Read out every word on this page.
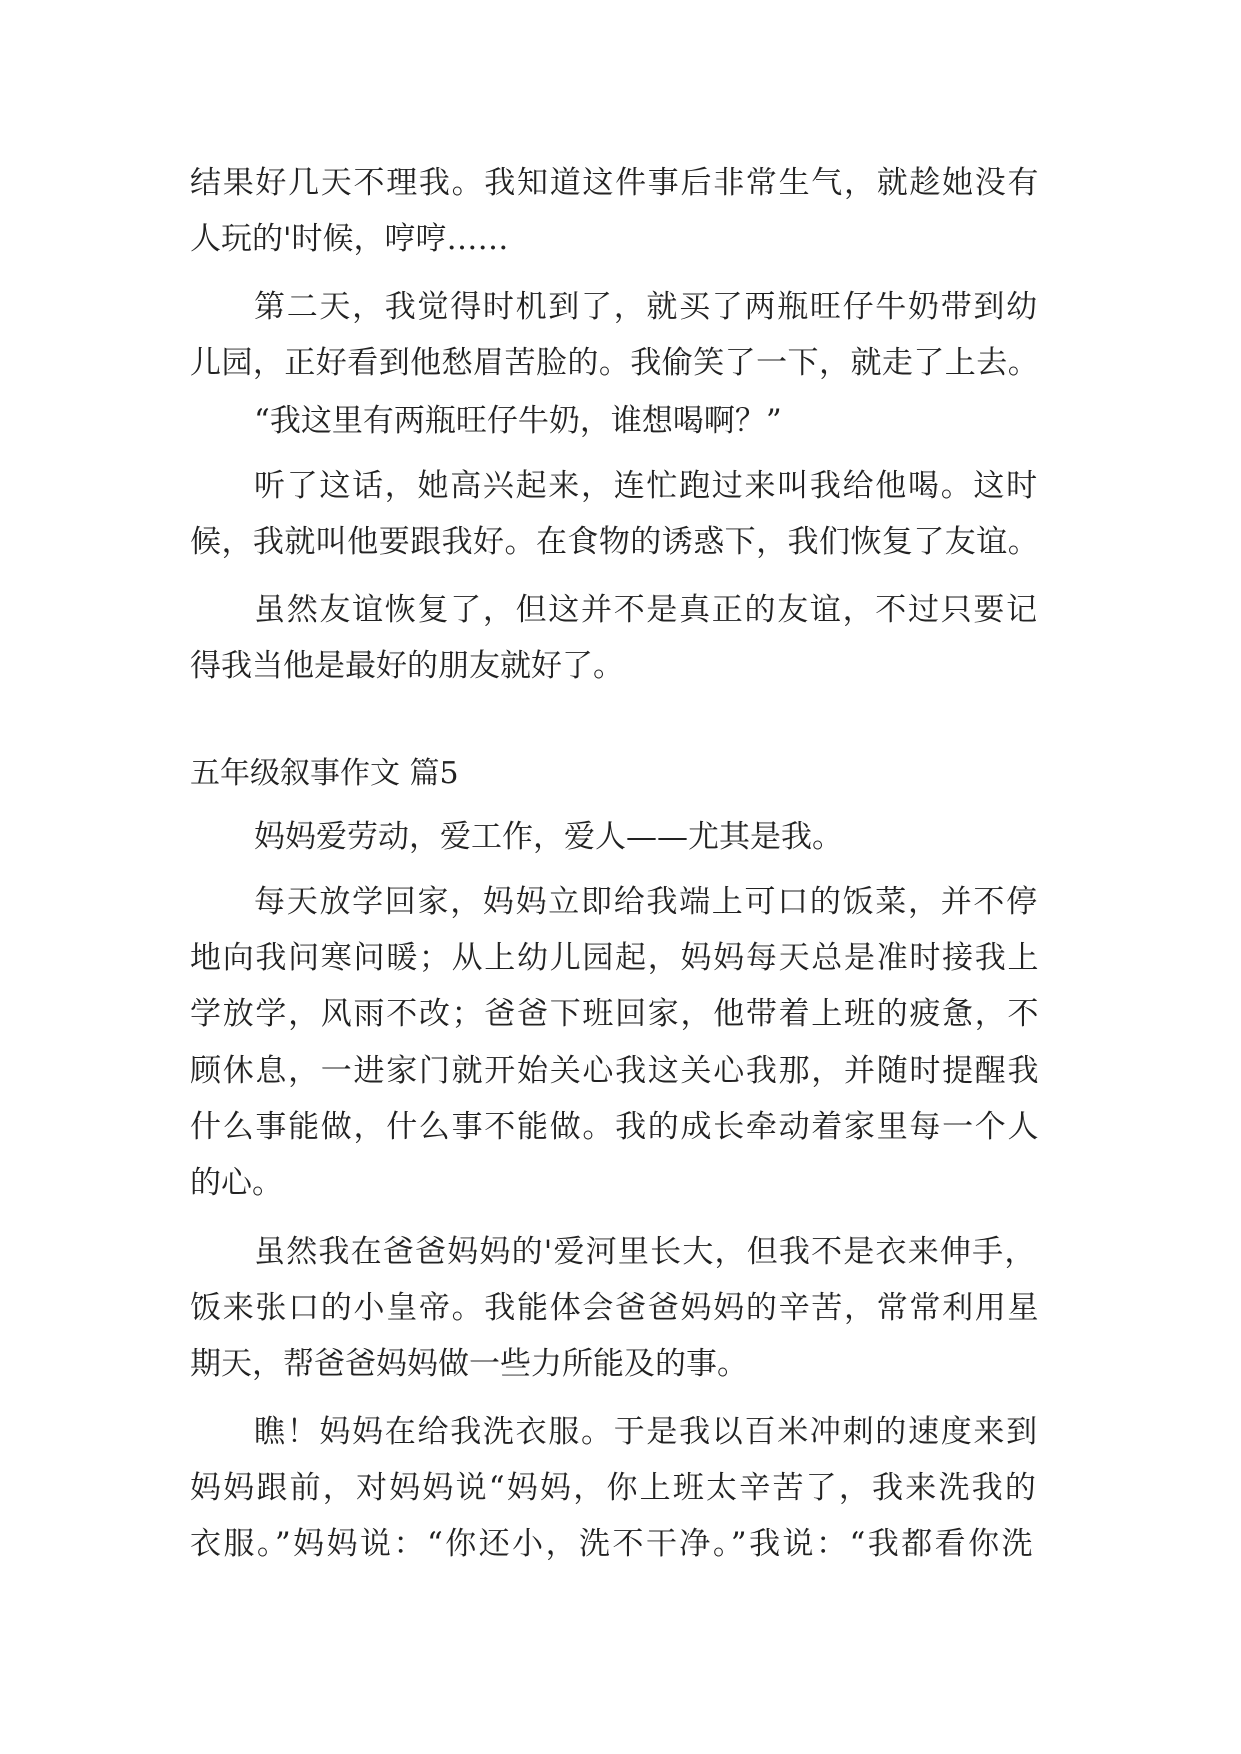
结果好几天不理我。我知道这件事后非常生气，就趁她没有

人玩的'时候，哼哼……

第二天，我觉得时机到了，就买了两瓶旺仔牛奶带到幼

儿园，正好看到他愁眉苦脸的。我偷笑了一下，就走了上去。

“我这里有两瓶旺仔牛奶，谁想喝啊？”

听了这话，她高兴起来，连忙跑过来叫我给他喝。这时

候，我就叫他要跟我好。在食物的诱惑下，我们恢复了友谊。

虽然友谊恢复了，但这并不是真正的友谊，不过只要记

得我当他是最好的朋友就好了。

五年级叙事作文 篇5

妈妈爱劳动，爱工作，爱人——尤其是我。

每天放学回家，妈妈立即给我端上可口的饭菜，并不停

地向我问寒问暖；从上幼儿园起，妈妈每天总是准时接我上

学放学，风雨不改；爸爸下班回家，他带着上班的疲惫，不

顾休息，一进家门就开始关心我这关心我那，并随时提醒我

什么事能做，什么事不能做。我的成长牵动着家里每一个人

的心。

虽然我在爸爸妈妈的'爱河里长大，但我不是衣来伸手，

饭来张口的小皇帝。我能体会爸爸妈妈的辛苦，常常利用星

期天，帮爸爸妈妈做一些力所能及的事。

瞧！妈妈在给我洗衣服。于是我以百米冲刺的速度来到

妈妈跟前，对妈妈说“妈妈，你上班太辛苦了，我来洗我的

衣服。”妈妈说：“你还小，洗不干净。”我说：“我都看你洗
